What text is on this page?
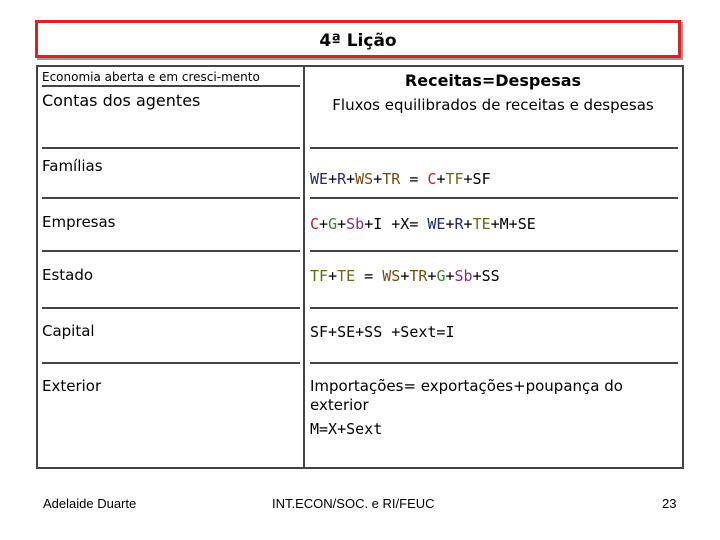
4ª Lição
Economia aberta e em cresci-mento
Contas dos agentes
Receitas=Despesas
Fluxos equilibrados de receitas e despesas
Famílias
Empresas
Estado
Capital
Exterior
WE+R+WS+TR = C+TF+SF
C+G+Sb+I +X= WE+R+TE+M+SE
TF+TE = WS+TR+G+Sb+SS
SF+SE+SS +Sext=I
Importações= exportações+poupança do exterior
M=X+Sext
Adelaide Duarte	INT.ECON/SOC. e RI/FEUC	23
